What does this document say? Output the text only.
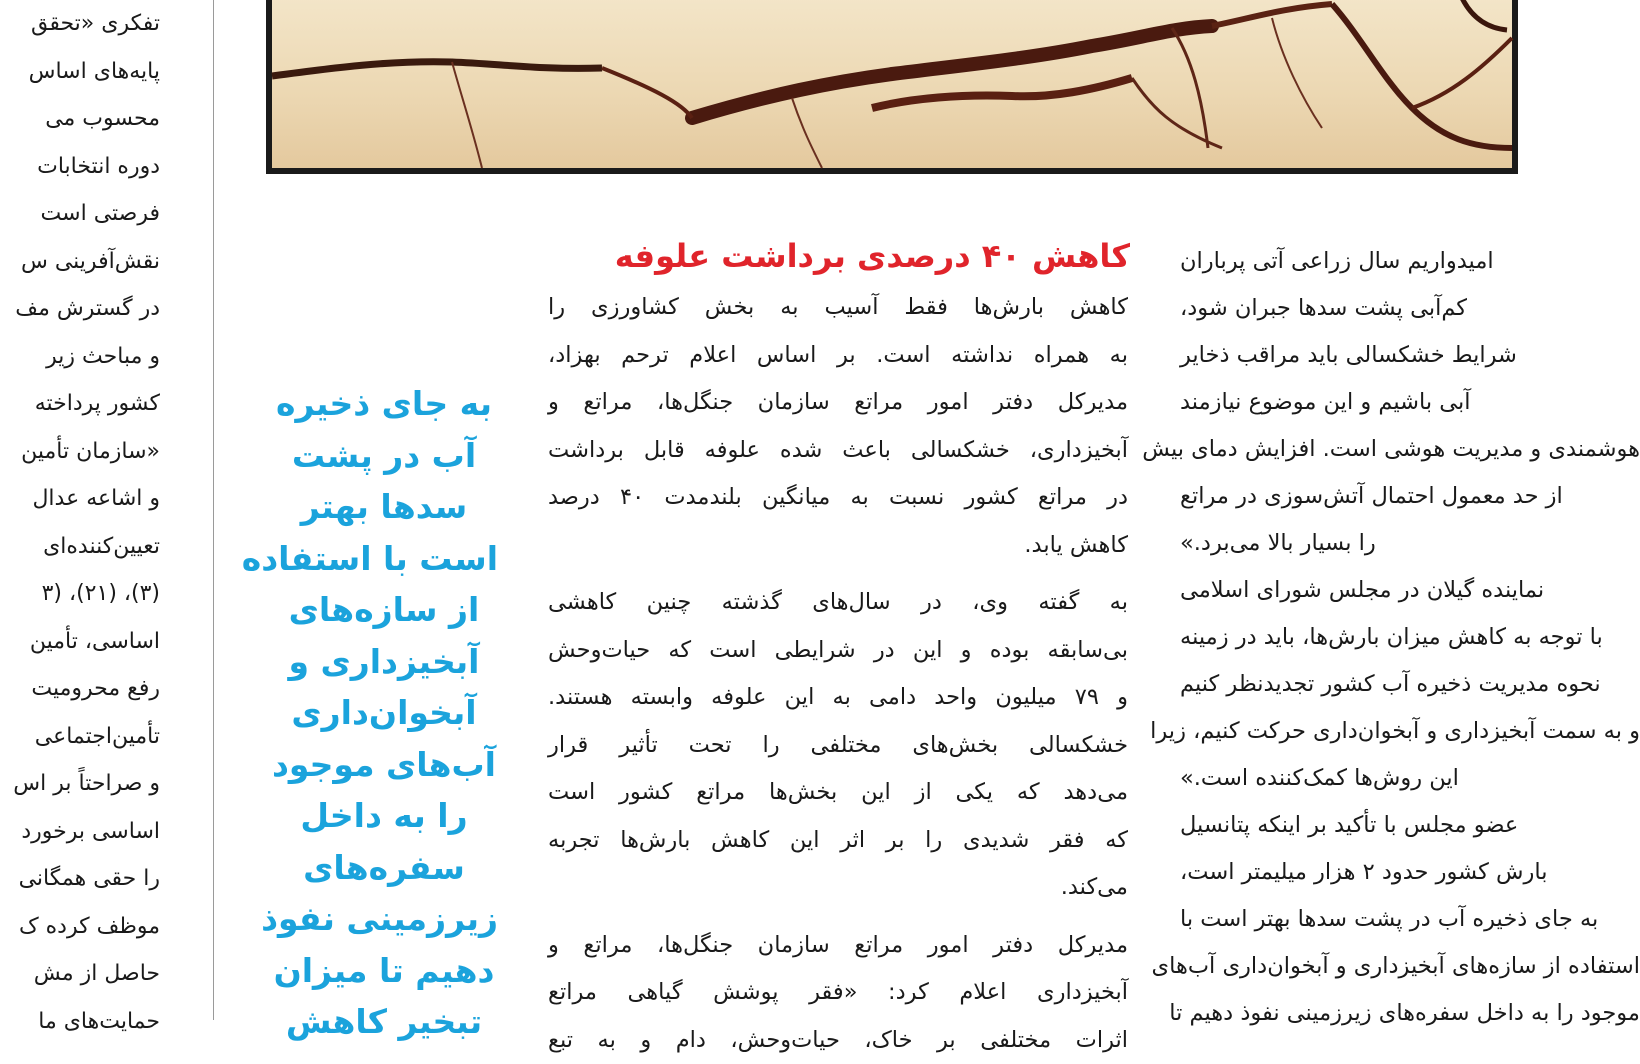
تفکری «تحقق

پایه‌های اساس

محسوب می

دوره انتخابات

فرصتی است

نقش‌آفرینی س

در گسترش مف

و مباحث زیر

کشور پرداخته

«سازمان تأمین

و اشاعه عدال

تعیین‌کننده‌ای

(۳)، (۲۱)، (۳

اساسی، تأمین

رفع محرومیت

تأمین‌اجتماعی

و صراحتاً بر اس

اساسی برخورد

را حقی همگانی

موظف کرده ک

حاصل از مش

حمایت‌های ما

به جای ذخیره
آب در پشت
سدها بهتر
است با استفاده
از سازه‌های
آبخیزداری و
آبخوان‌داری
آب‌های موجود
را به داخل
سفره‌های
زیرزمینی نفوذ
دهیم تا میزان
تبخیر کاهش
کاهش ۴۰ درصدی برداشت علوفه

کاهش بارش‌ها فقط آسیب به بخش کشاورزی را

به همراه نداشته است. بر اساس اعلام ترحم بهزاد،

مدیرکل دفتر امور مراتع سازمان جنگل‌ها، مراتع و

آبخیزداری، خشکسالی باعث شده علوفه قابل برداشت

در مراتع کشور نسبت به میانگین بلندمدت ۴۰ درصد

کاهش یابد.

به گفته وی، در سال‌های گذشته چنین کاهشی

بی‌سابقه بوده و این در شرایطی است که حیات‌وحش

و ۷۹ میلیون واحد دامی به این علوفه وابسته هستند.

خشکسالی بخش‌های مختلفی را تحت تأثیر قرار

می‌دهد که یکی از این بخش‌ها مراتع کشور است

که فقر شدیدی را بر اثر این کاهش بارش‌ها تجربه

می‌کند.

مدیرکل دفتر امور مراتع سازمان جنگل‌ها، مراتع و

آبخیزداری اعلام کرد: «فقر پوشش گیاهی مراتع

اثرات مختلفی بر خاک، حیات‌وحش، دام و به تبع

امیدواریم سال زراعی آتی پرباران

کم‌آبی پشت سدها جبران شود،

شرایط خشکسالی باید مراقب ذخایر

آبی باشیم و این موضوع نیازمند

هوشمندی و مدیریت هوشی است. افزایش دمای بیش

از حد معمول احتمال آتش‌سوزی در مراتع

را بسیار بالا می‌برد.»

نماینده گیلان در مجلس شورای اسلامی

با توجه به کاهش میزان بارش‌ها، باید در زمینه

نحوه مدیریت ذخیره آب کشور تجدیدنظر کنیم

و به سمت آبخیزداری و آبخوان‌داری حرکت کنیم، زیرا

این روش‌ها کمک‌کننده است.»

عضو مجلس با تأکید بر اینکه پتانسیل

بارش کشور حدود ۲ هزار میلیمتر است،

به جای ذخیره آب در پشت سدها بهتر است با

استفاده از سازه‌های آبخیزداری و آبخوان‌داری آب‌های

موجود را به داخل سفره‌های زیرزمینی نفوذ دهیم تا
